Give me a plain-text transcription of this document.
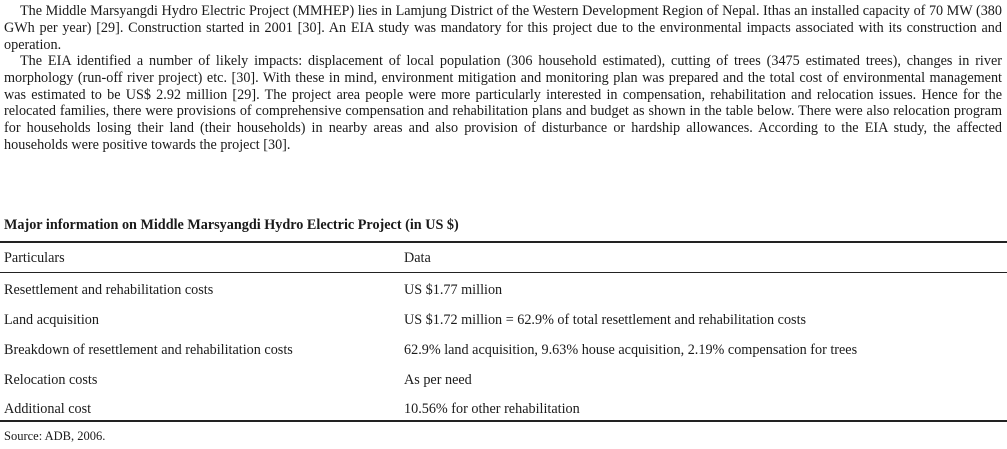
The Middle Marsyangdi Hydro Electric Project (MMHEP) lies in Lamjung District of the Western Development Region of Nepal. Ithas an installed capacity of 70 MW (380 GWh per year) [29]. Construction started in 2001 [30]. An EIA study was mandatory for this project due to the environmental impacts associated with its construction and operation.

The EIA identified a number of likely impacts: displacement of local population (306 household estimated), cutting of trees (3475 estimated trees), changes in river morphology (run-off river project) etc. [30]. With these in mind, environment mitigation and monitoring plan was prepared and the total cost of environmental management was estimated to be US$ 2.92 million [29]. The project area people were more particularly interested in compensation, rehabilitation and relocation issues. Hence for the relocated families, there were provisions of comprehensive compensation and rehabilitation plans and budget as shown in the table below. There were also relocation program for households losing their land (their households) in nearby areas and also provision of disturbance or hardship allowances. According to the EIA study, the affected households were positive towards the project [30].

Major information on Middle Marsyangdi Hydro Electric Project (in US $)

Particulars	Data
Resettlement and rehabilitation costs	US $1.77 million
Land acquisition	US $1.72 million = 62.9% of total resettlement and rehabilitation costs
Breakdown of resettlement and rehabilitation costs	62.9% land acquisition, 9.63% house acquisition, 2.19% compensation for trees
Relocation costs	As per need
Additional cost	10.56% for other rehabilitation

Source: ADB, 2006.
